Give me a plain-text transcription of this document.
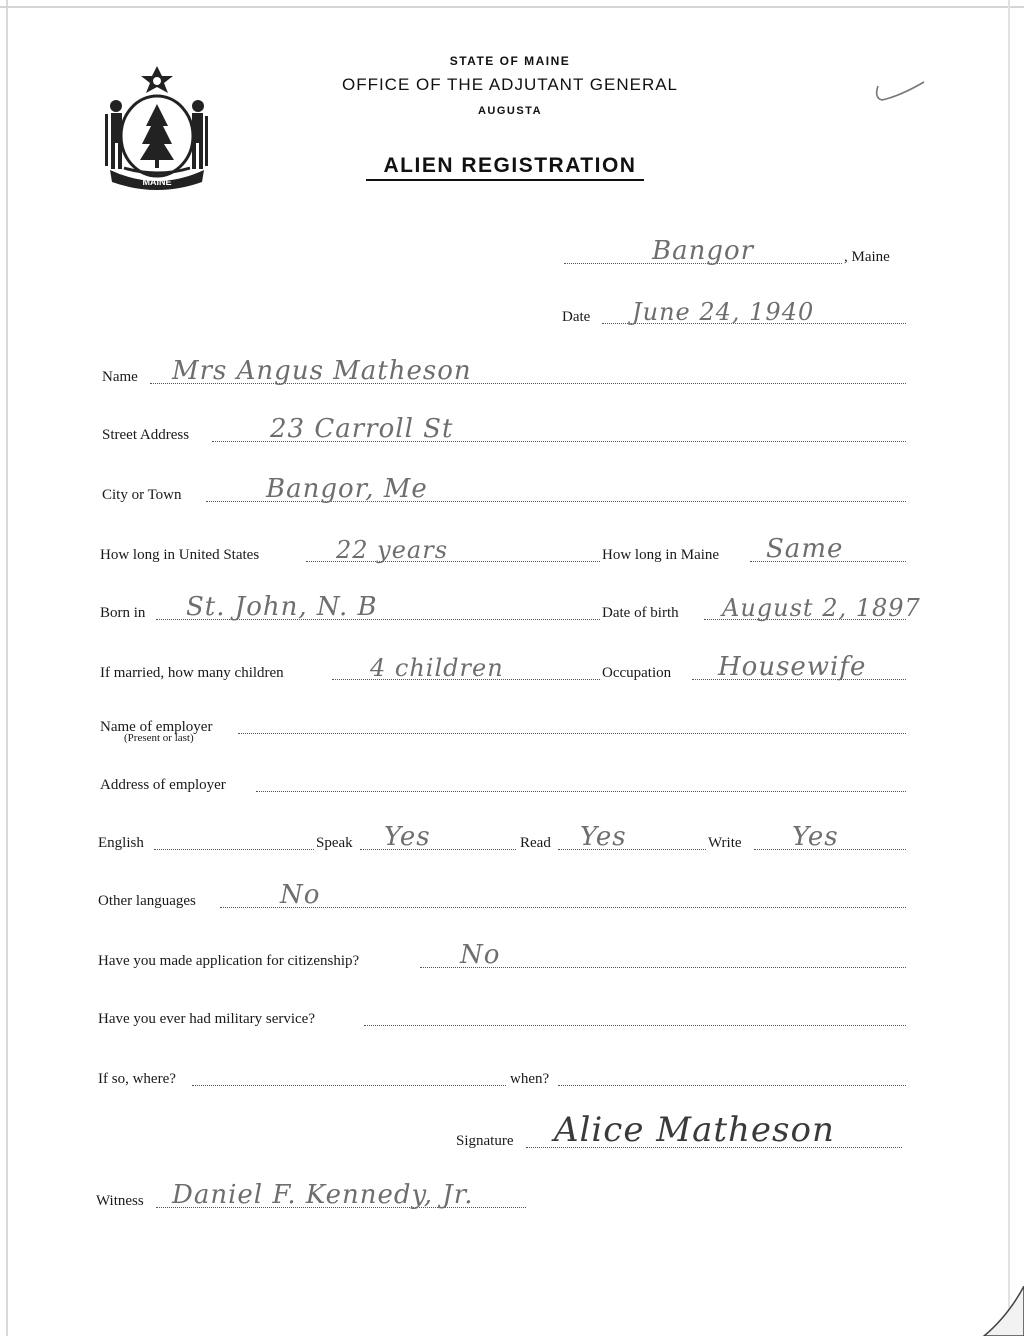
MAINE
STATE OF MAINE
OFFICE OF THE ADJUTANT GENERAL
AUGUSTA
ALIEN REGISTRATION
Bangor	, Maine
Date June 24, 1940
Name Mrs Angus Matheson
Street Address	23 Carroll St
City or Town	Bangor, Me
How long in United States	22 years	How long in Maine Same
Born in St. John, N. B	Date of birth August 2, 1897
If married, how many children	4 children	Occupation Housewife
Name of employer
(Present or last)
Address of employer
English	Speak Yes	Read Yes	Write Yes
Other languages	No
Have you made application for citizenship?	No
Have you ever had military service?
If so, where?	when?
Signature Alice Matheson
Witness Daniel F. Kennedy, Jr.
